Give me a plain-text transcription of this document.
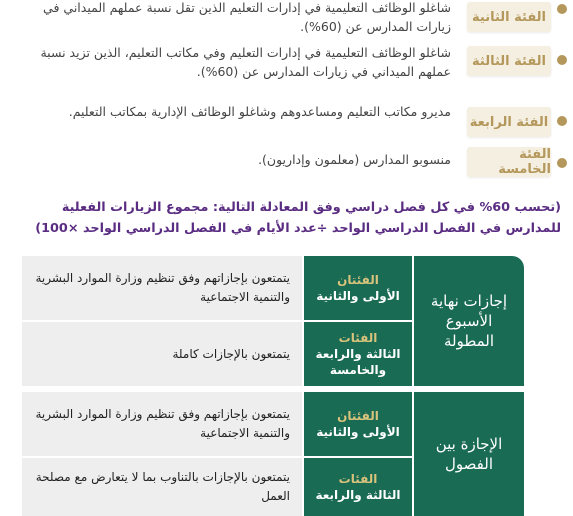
الفئة الثانية
شاغلو الوظائف التعليمية في إدارات التعليم الذين تقل نسبة عملهم الميداني في زيارات المدارس عن (60%).
الفئة الثالثة
شاغلو الوظائف التعليمية في إدارات التعليم وفي مكاتب التعليم، الذين تزيد نسبة عملهم الميداني في زيارات المدارس عن (60%).
الفئة الرابعة
مديرو مكاتب التعليم ومساعدوهم وشاغلو الوظائف الإدارية بمكاتب التعليم.
الفئة الخامسة
منسوبو المدارس (معلمون وإداريون).
(تحسب 60% في كل فصل دراسي وفق المعادلة التالية: مجموع الزيارات الفعلية للمدارس في الفصل الدراسي الواحد ÷عدد الأيام في الفصل الدراسي الواحد ×100)
إجازات نهاية الأسبوع المطولة
الفئتان
الأولى والثانية
يتمتعون بإجازاتهم وفق تنظيم وزارة الموارد البشرية والتنمية الاجتماعية
الفئات
الثالثة والرابعة والخامسة
يتمتعون بالإجازات كاملة
الإجازة بين الفصول
الفئتان
الأولى والثانية
يتمتعون بإجازاتهم وفق تنظيم وزارة الموارد البشرية والتنمية الاجتماعية
الفئات
الثالثة والرابعة
يتمتعون بالإجازات بالتناوب بما لا يتعارض مع مصلحة العمل
